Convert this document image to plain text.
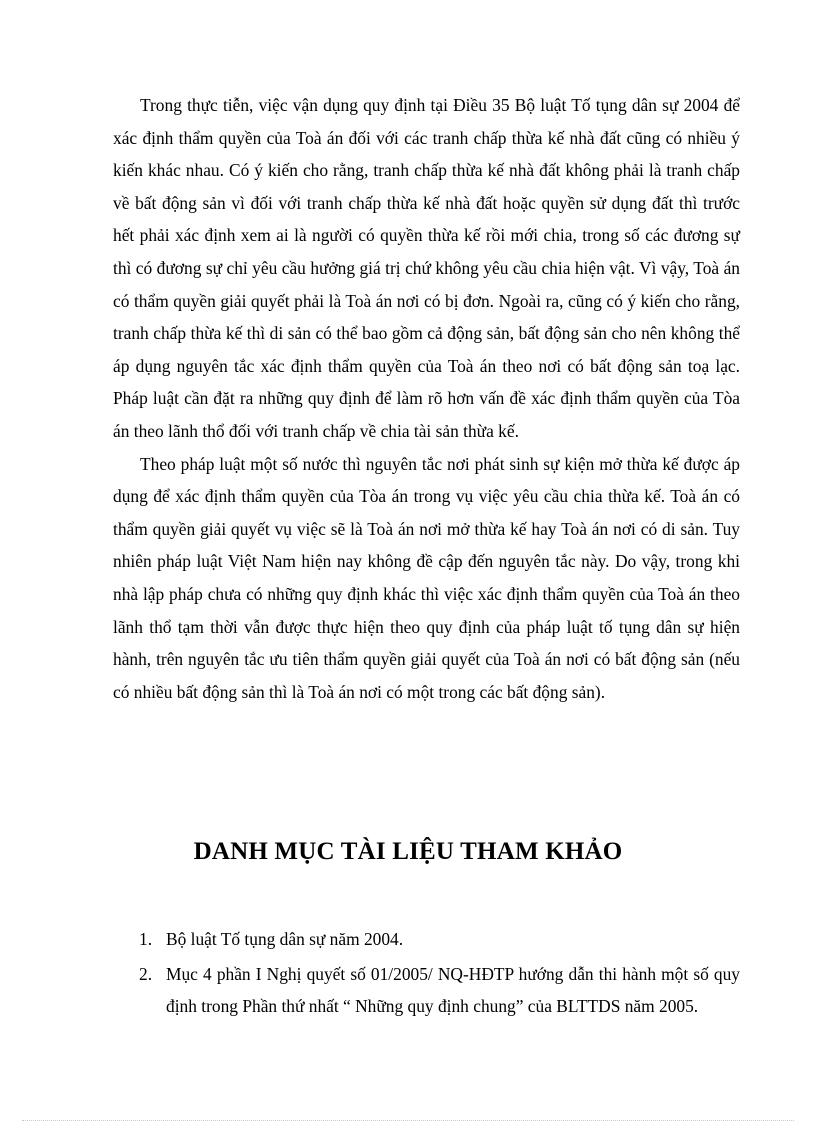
Trong thực tiễn, việc vận dụng quy định tại Điều 35 Bộ luật Tố tụng dân sự 2004 để xác định thẩm quyền của Toà án đối với các tranh chấp thừa kế nhà đất cũng có nhiều ý kiến khác nhau. Có ý kiến cho rằng, tranh chấp thừa kế nhà đất không phải là tranh chấp về bất động sản vì đối với tranh chấp thừa kế nhà đất hoặc quyền sử dụng đất thì trước hết phải xác định xem ai là người có quyền thừa kế rồi mới chia, trong số các đương sự thì có đương sự chỉ yêu cầu hưởng giá trị chứ không yêu cầu chia hiện vật. Vì vậy, Toà án có thẩm quyền giải quyết phải là Toà án nơi có bị đơn. Ngoài ra, cũng có ý kiến cho rằng, tranh chấp thừa kế thì di sản có thể bao gồm cả động sản, bất động sản cho nên không thể áp dụng nguyên tắc xác định thẩm quyền của Toà án theo nơi có bất động sản toạ lạc. Pháp luật cần đặt ra những quy định để làm rõ hơn vấn đề xác định thẩm quyền của Tòa án theo lãnh thổ đối với tranh chấp về chia tài sản thừa kế.

Theo pháp luật một số nước thì nguyên tắc nơi phát sinh sự kiện mở thừa kế được áp dụng để xác định thẩm quyền của Tòa án trong vụ việc yêu cầu chia thừa kế. Toà án có thẩm quyền giải quyết vụ việc sẽ là Toà án nơi mở thừa kế hay Toà án nơi có di sản. Tuy nhiên pháp luật Việt Nam hiện nay không đề cập đến nguyên tắc này. Do vậy, trong khi nhà lập pháp chưa có những quy định khác thì việc xác định thẩm quyền của Toà án theo lãnh thổ tạm thời vẫn được thực hiện theo quy định của pháp luật tố tụng dân sự hiện hành, trên nguyên tắc ưu tiên thẩm quyền giải quyết của Toà án nơi có bất động sản (nếu có nhiều bất động sản thì là Toà án nơi có một trong các bất động sản).

DANH MỤC TÀI LIỆU THAM KHẢO
1. Bộ luật Tố tụng dân sự năm 2004.
2. Mục 4 phần I Nghị quyết số 01/2005/ NQ-HĐTP hướng dẫn thi hành một số quy định trong Phần thứ nhất “ Những quy định chung” của BLTTDS năm 2005.
